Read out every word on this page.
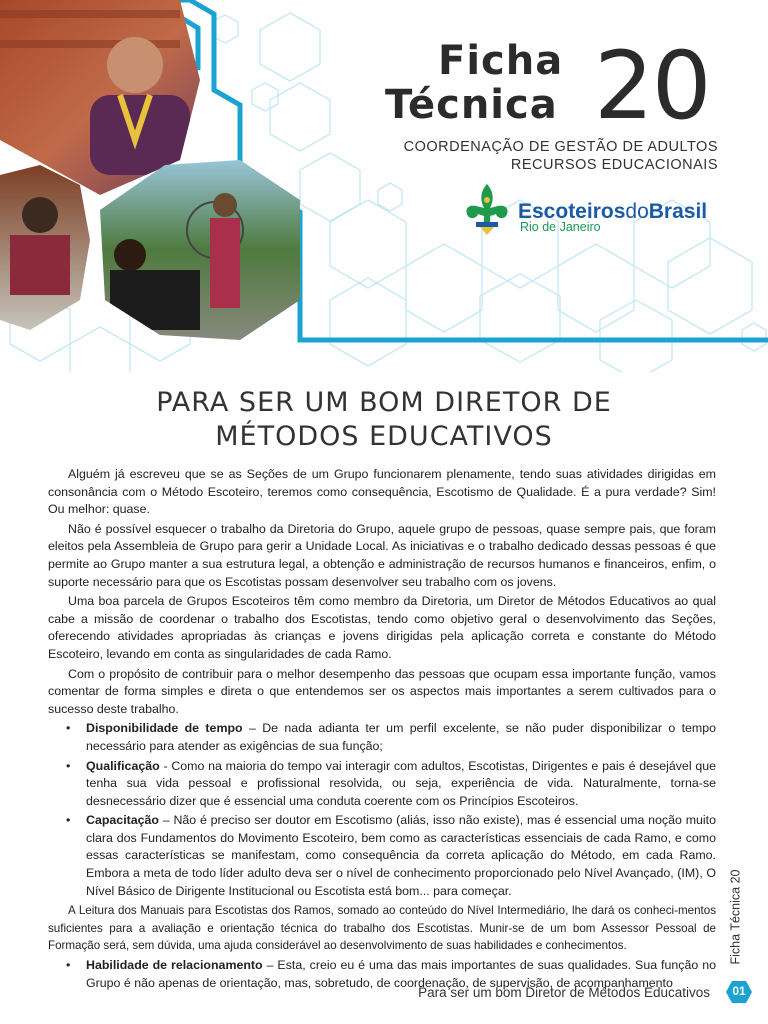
Ficha
Técnica 20
COORDENAÇÃO DE GESTÃO DE ADULTOS
RECURSOS EDUCACIONAIS
EscoteirosdoBrasil
Rio de Janeiro
PARA SER UM BOM DIRETOR DE
MÉTODOS EDUCATIVOS

Alguém já escreveu que se as Seções de um Grupo funcionarem plenamente, tendo suas atividades dirigidas em consonância com o Método Escoteiro, teremos como consequência, Escotismo de Qualidade. É a pura verdade? Sim! Ou melhor: quase.

Não é possível esquecer o trabalho da Diretoria do Grupo, aquele grupo de pessoas, quase sempre pais, que foram eleitos pela Assembleia de Grupo para gerir a Unidade Local. As iniciativas e o trabalho dedicado dessas pessoas é que permite ao Grupo manter a sua estrutura legal, a obtenção e administração de recursos humanos e financeiros, enfim, o suporte necessário para que os Escotistas possam desenvolver seu trabalho com os jovens.

Uma boa parcela de Grupos Escoteiros têm como membro da Diretoria, um Diretor de Métodos Educativos ao qual cabe a missão de coordenar o trabalho dos Escotistas, tendo como objetivo geral o desenvolvimento das Seções, oferecendo atividades apropriadas às crianças e jovens dirigidas pela aplicação correta e constante do Método Escoteiro, levando em conta as singularidades de cada Ramo.

Com o propósito de contribuir para o melhor desempenho das pessoas que ocupam essa importante função, vamos comentar de forma simples e direta o que entendemos ser os aspectos mais importantes a serem cultivados para o sucesso deste trabalho.

• Disponibilidade de tempo – De nada adianta ter um perfil excelente, se não puder disponibilizar o tempo necessário para atender as exigências de sua função;
• Qualificação - Como na maioria do tempo vai interagir com adultos, Escotistas, Dirigentes e pais é desejável que tenha sua vida pessoal e profissional resolvida, ou seja, experiência de vida. Naturalmente, torna-se desnecessário dizer que é essencial uma conduta coerente com os Princípios Escoteiros.
• Capacitação – Não é preciso ser doutor em Escotismo (aliás, isso não existe), mas é essencial uma noção muito clara dos Fundamentos do Movimento Escoteiro, bem como as características essenciais de cada Ramo, e como essas características se manifestam, como consequência da correta aplicação do Método, em cada Ramo. Embora a meta de todo líder adulto deva ser o nível de conhecimento proporcionado pelo Nível Avançado, (IM), O Nível Básico de Dirigente Institucional ou Escotista está bom... para começar.

A Leitura dos Manuais para Escotistas dos Ramos, somado ao conteúdo do Nível Intermediário, lhe dará os conheci-mentos suficientes para a avaliação e orientação técnica do trabalho dos Escotistas. Munir-se de um bom Assessor Pessoal de Formação será, sem dúvida, uma ajuda considerável ao desenvolvimento de suas habilidades e conhecimentos.

• Habilidade de relacionamento – Esta, creio eu é uma das mais importantes de suas qualidades. Sua função no Grupo é não apenas de orientação, mas, sobretudo, de coordenação, de supervisão, de acompanhamento
Ficha Técnica 20
Para ser um bom Diretor de Métodos Educativos	01
